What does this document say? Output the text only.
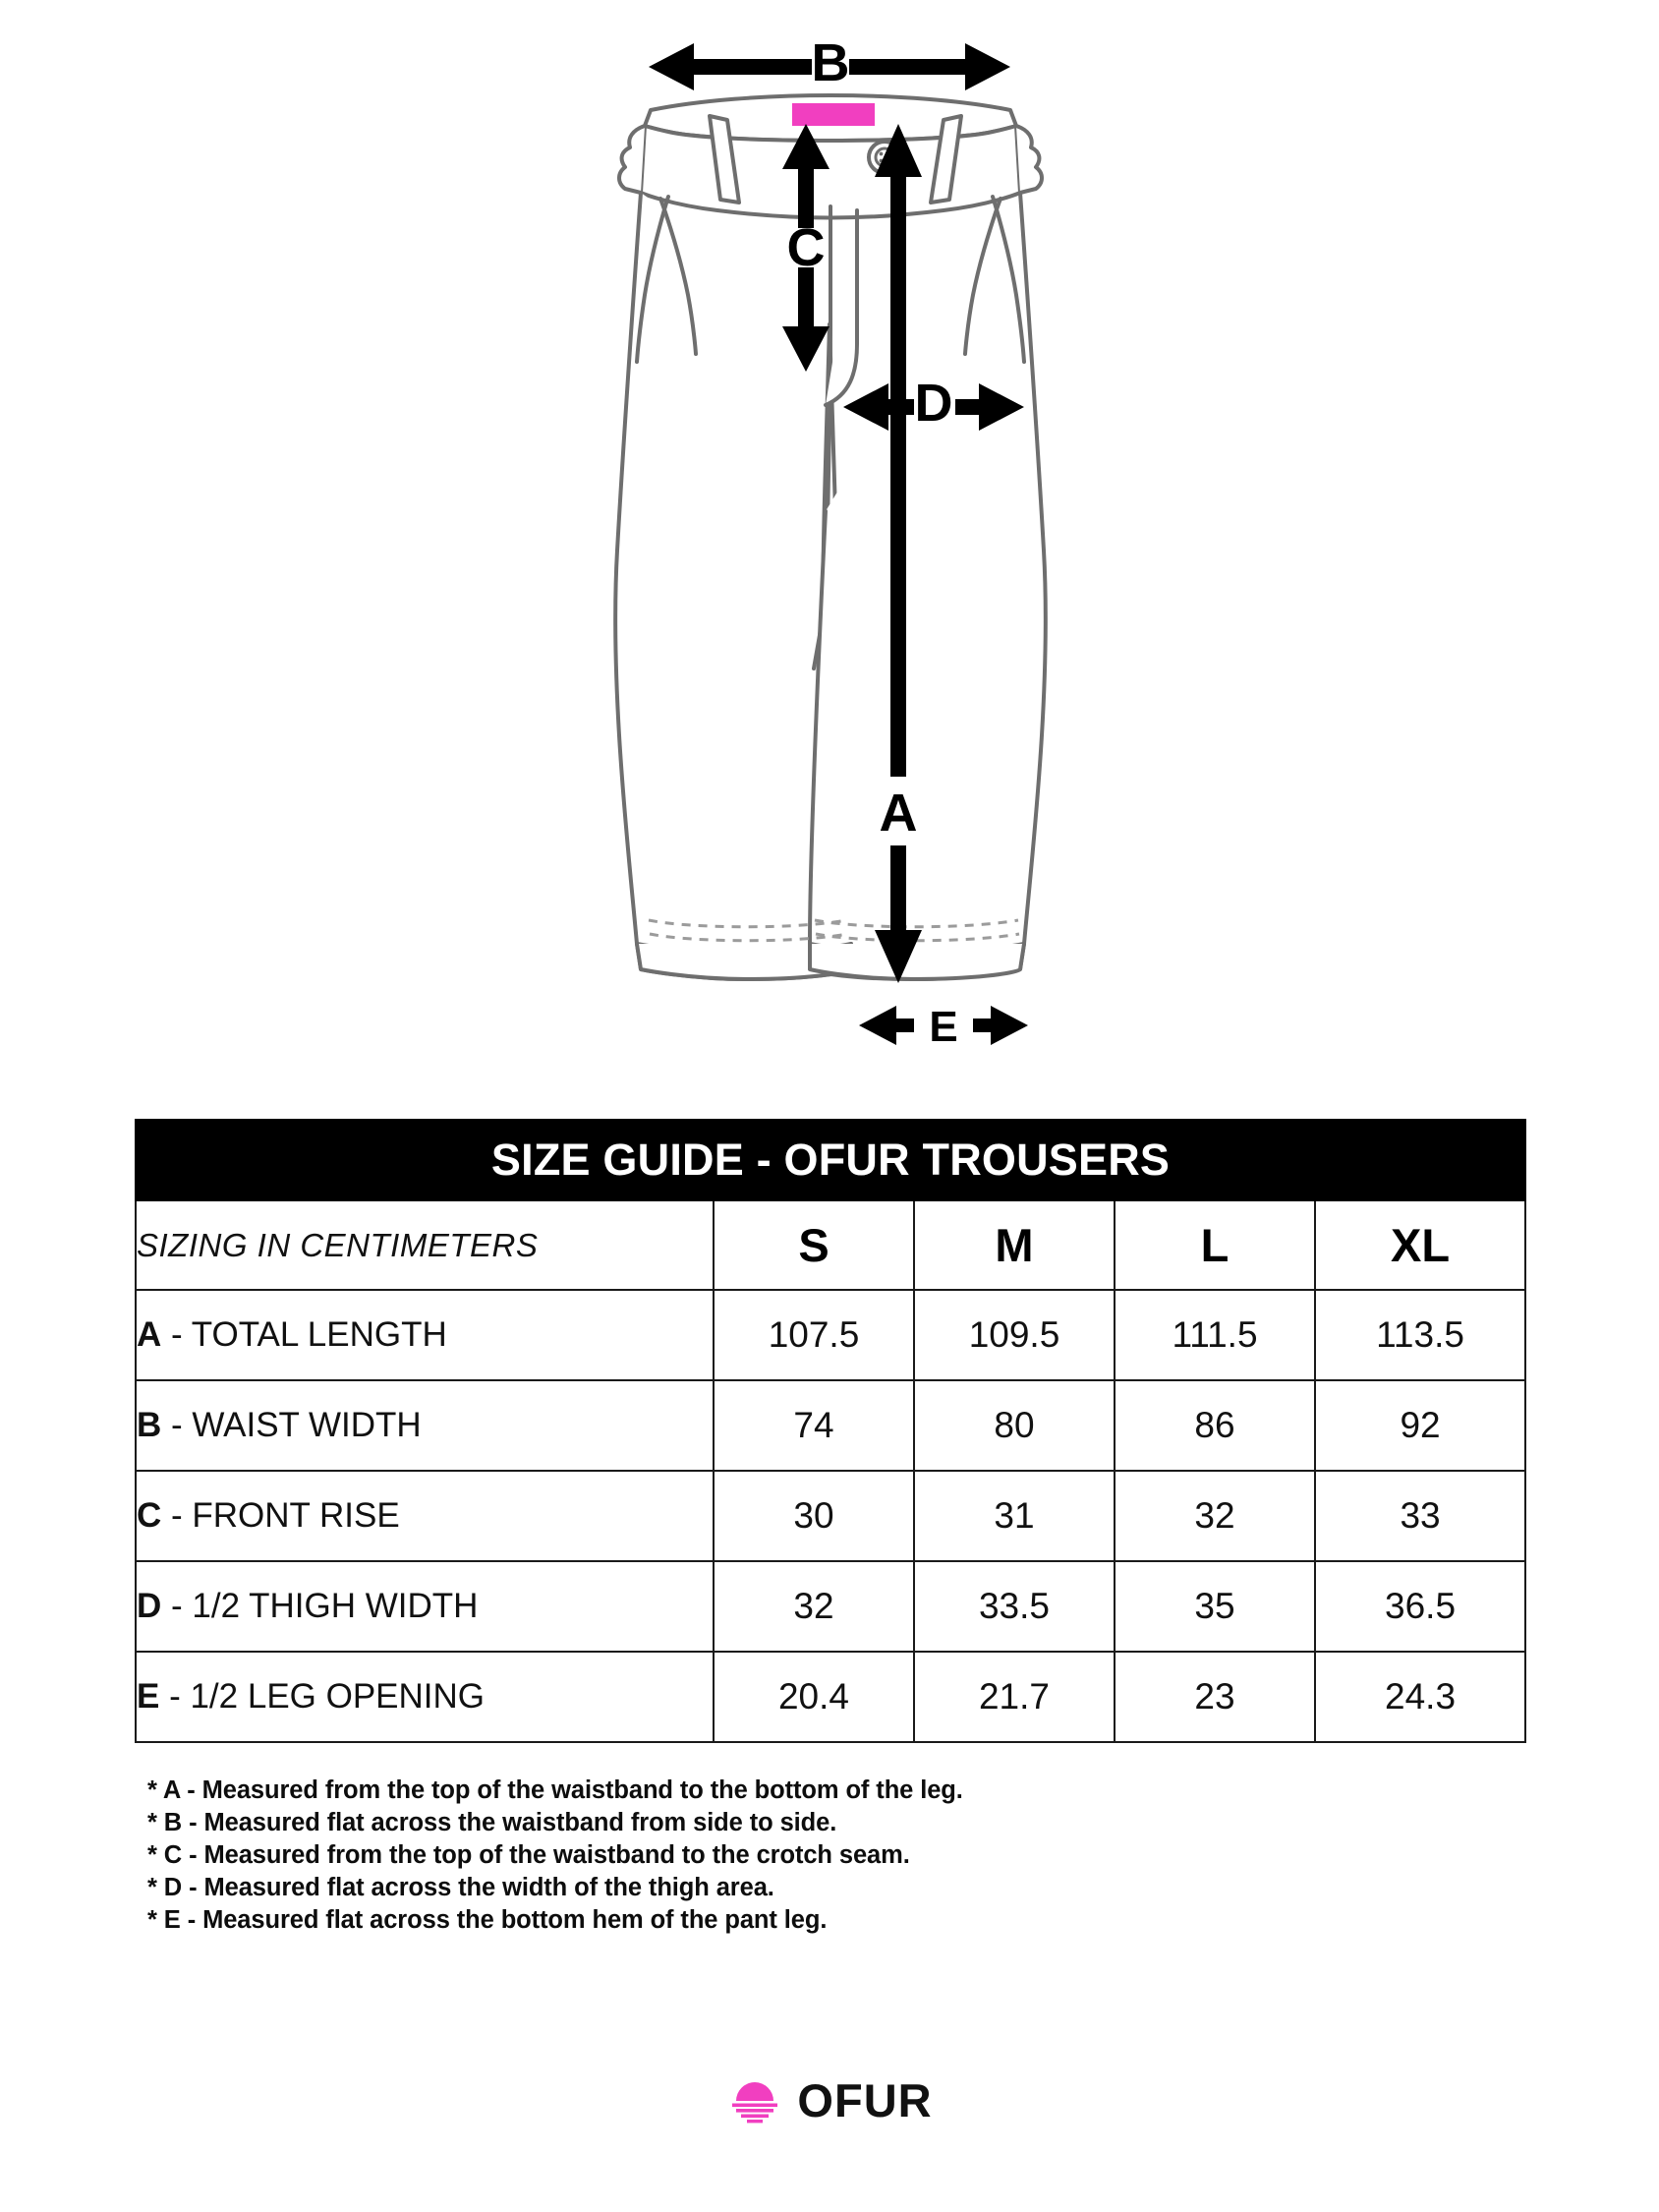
B
C
D
A
E
SIZE GUIDE - OFUR TROUSERS				
SIZING IN CENTIMETERS	S	M	L	XL
A - TOTAL LENGTH	107.5	109.5	111.5	113.5
B - WAIST WIDTH	74	80	86	92
C - FRONT RISE	30	31	32	33
D - 1/2 THIGH WIDTH	32	33.5	35	36.5
E - 1/2 LEG OPENING	20.4	21.7	23	24.3
* A - Measured from the top of the waistband to the bottom of the leg.
* B - Measured flat across the waistband from side to side.
* C - Measured from the top of the waistband to the crotch seam.
* D - Measured flat across the width of the thigh area.
* E - Measured flat across the bottom hem of the pant leg.
OFUR
